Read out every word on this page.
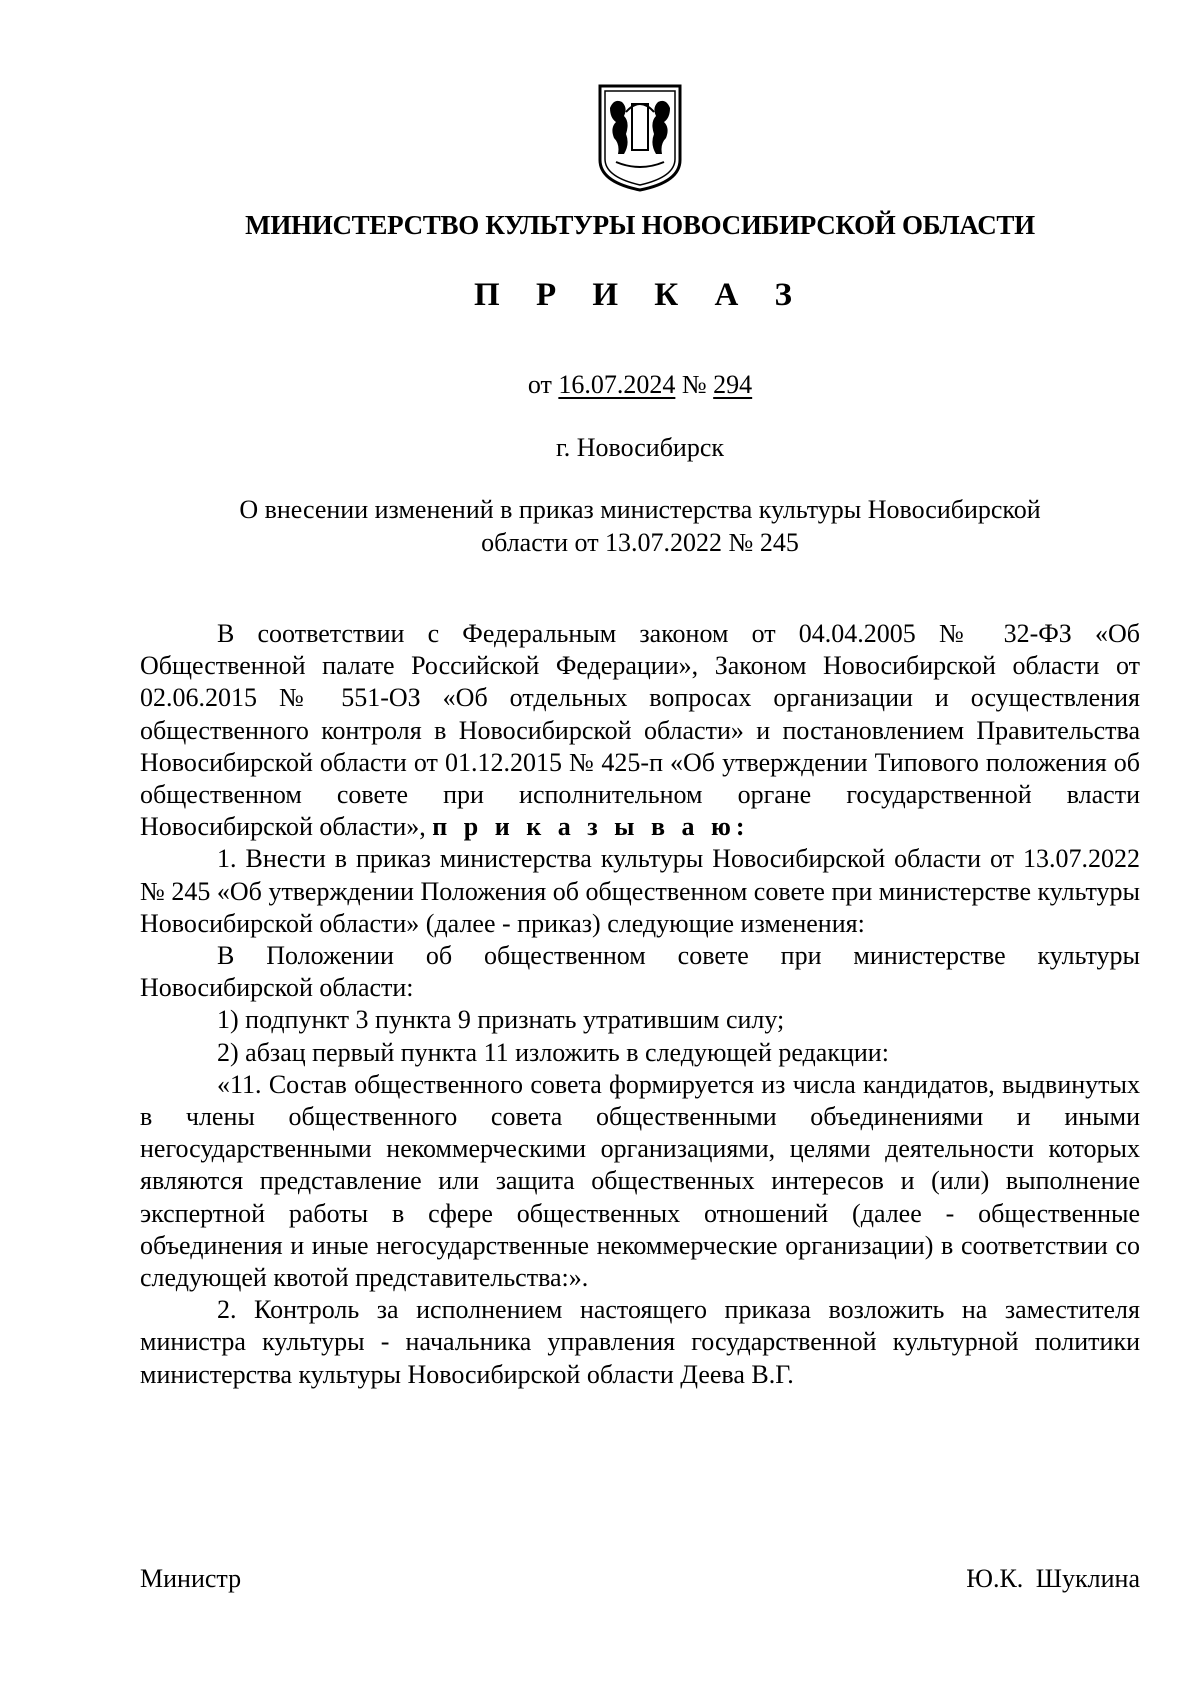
МИНИСТЕРСТВО КУЛЬТУРЫ НОВОСИБИРСКОЙ ОБЛАСТИ
П Р И К А З
от 16.07.2024 № 294
г. Новосибирск
О внесении изменений в приказ министерства культуры Новосибирской
области от 13.07.2022 № 245

В соответствии с Федеральным законом от 04.04.2005 № 32-ФЗ «Об Общественной палате Российской Федерации», Законом Новосибирской области от 02.06.2015 № 551-ОЗ «Об отдельных вопросах организации и осуществления общественного контроля в Новосибирской области» и постановлением Правительства Новосибирской области от 01.12.2015 № 425-п «Об утверждении Типового положения об общественном совете при исполнительном органе государственной власти Новосибирской области», п р и к а з ы в а ю:

1. Внести в приказ министерства культуры Новосибирской области от 13.07.2022 № 245 «Об утверждении Положения об общественном совете при министерстве культуры Новосибирской области» (далее - приказ) следующие изменения:

В Положении об общественном совете при министерстве культуры Новосибирской области:

1) подпункт 3 пункта 9 признать утратившим силу;

2) абзац первый пункта 11 изложить в следующей редакции:

«11. Состав общественного совета формируется из числа кандидатов, выдвинутых в члены общественного совета общественными объединениями и иными негосударственными некоммерческими организациями, целями деятельности которых являются представление или защита общественных интересов и (или) выполнение экспертной работы в сфере общественных отношений (далее - общественные объединения и иные негосударственные некоммерческие организации) в соответствии со следующей квотой представительства:».

2. Контроль за исполнением настоящего приказа возложить на заместителя министра культуры - начальника управления государственной культурной политики министерства культуры Новосибирской области Деева В.Г.

Министр	Ю.К. Шуклина
